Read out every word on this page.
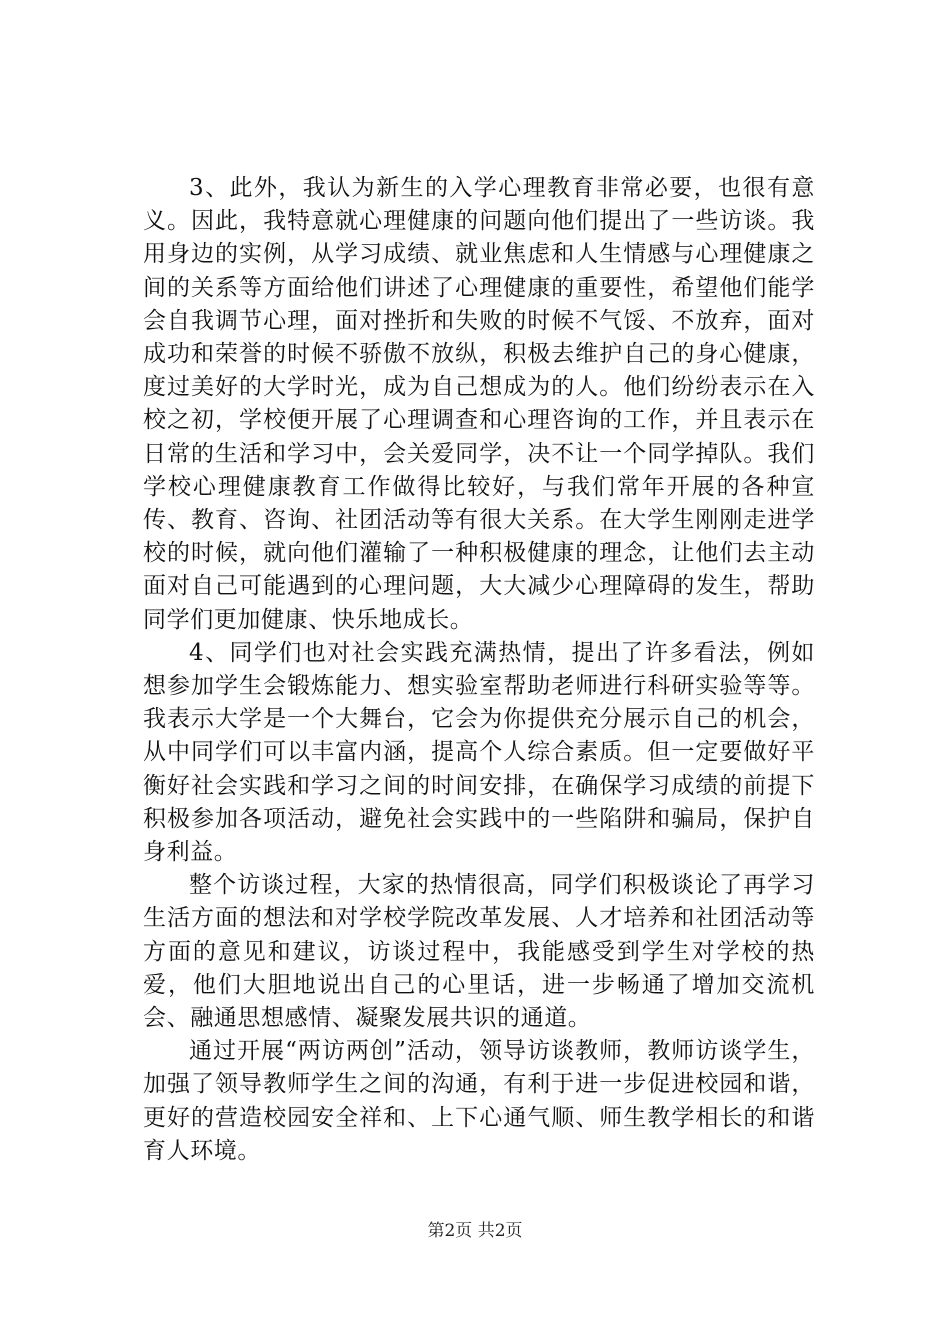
3、此外，我认为新生的入学心理教育非常必要，也很有意义。因此，我特意就心理健康的问题向他们提出了一些访谈。我用身边的实例，从学习成绩、就业焦虑和人生情感与心理健康之间的关系等方面给他们讲述了心理健康的重要性，希望他们能学会自我调节心理，面对挫折和失败的时候不气馁、不放弃，面对成功和荣誉的时候不骄傲不放纵，积极去维护自己的身心健康，度过美好的大学时光，成为自己想成为的人。他们纷纷表示在入校之初，学校便开展了心理调查和心理咨询的工作，并且表示在日常的生活和学习中，会关爱同学，决不让一个同学掉队。我们学校心理健康教育工作做得比较好，与我们常年开展的各种宣传、教育、咨询、社团活动等有很大关系。在大学生刚刚走进学校的时候，就向他们灌输了一种积极健康的理念，让他们去主动面对自己可能遇到的心理问题，大大减少心理障碍的发生，帮助同学们更加健康、快乐地成长。

4、同学们也对社会实践充满热情，提出了许多看法，例如想参加学生会锻炼能力、想实验室帮助老师进行科研实验等等。我表示大学是一个大舞台，它会为你提供充分展示自己的机会，从中同学们可以丰富内涵，提高个人综合素质。但一定要做好平衡好社会实践和学习之间的时间安排，在确保学习成绩的前提下积极参加各项活动，避免社会实践中的一些陷阱和骗局，保护自身利益。

整个访谈过程，大家的热情很高，同学们积极谈论了再学习生活方面的想法和对学校学院改革发展、人才培养和社团活动等方面的意见和建议，访谈过程中，我能感受到学生对学校的热爱，他们大胆地说出自己的心里话，进一步畅通了增加交流机会、融通思想感情、凝聚发展共识的通道。

通过开展“两访两创”活动，领导访谈教师，教师访谈学生，加强了领导教师学生之间的沟通，有利于进一步促进校园和谐，更好的营造校园安全祥和、上下心通气顺、师生教学相长的和谐育人环境。

第2页 共2页
